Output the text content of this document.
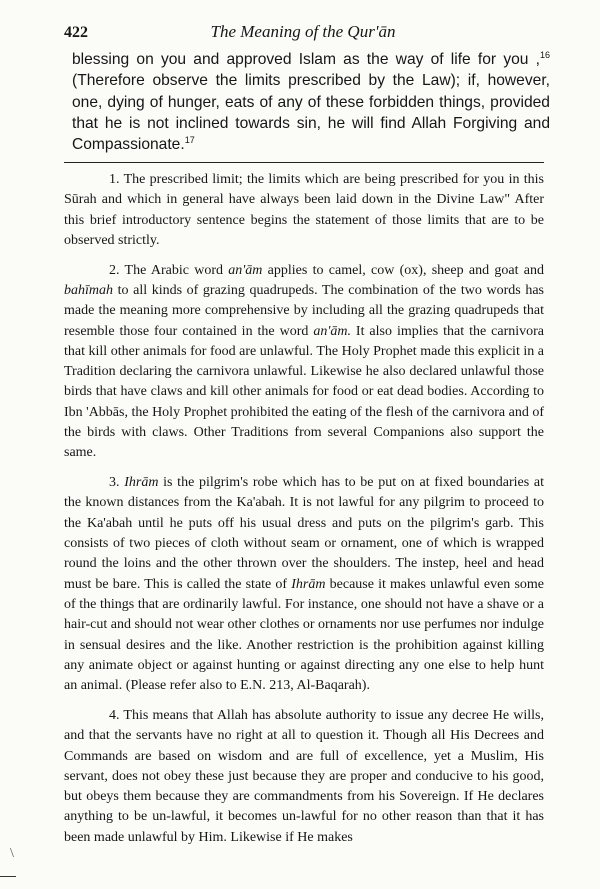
422	The Meaning of the Qur'ān

blessing on you and approved Islam as the way of life for you ,$^{16}$ (Therefore observe the limits prescribed by the Law); if, however, one, dying of hunger, eats of any of these forbidden things, provided that he is not inclined towards sin, he will find Allah Forgiving and Compassionate.$^{17}$

1. The prescribed limit; the limits which are being prescribed for you in this Sūrah and which in general have always been laid down in the Divine Law" After this brief introductory sentence begins the statement of those limits that are to be observed strictly.

2. The Arabic word an'ām applies to camel, cow (ox), sheep and goat and bahīmah to all kinds of grazing quadrupeds. The combination of the two words has made the meaning more comprehensive by including all the grazing quadrupeds that resemble those four contained in the word an'ām. It also implies that the carnivora that kill other animals for food are unlawful. The Holy Prophet made this explicit in a Tradition declaring the carnivora unlawful. Likewise he also declared unlawful those birds that have claws and kill other animals for food or eat dead bodies. According to Ibn 'Abbās, the Holy Prophet prohibited the eating of the flesh of the carnivora and of the birds with claws. Other Traditions from several Companions also support the same.

3. Ihrām is the pilgrim's robe which has to be put on at fixed boundaries at the known distances from the Ka'abah. It is not lawful for any pilgrim to proceed to the Ka'abah until he puts off his usual dress and puts on the pilgrim's garb. This consists of two pieces of cloth without seam or ornament, one of which is wrapped round the loins and the other thrown over the shoulders. The instep, heel and head must be bare. This is called the state of Ihrām because it makes unlawful even some of the things that are ordinarily lawful. For instance, one should not have a shave or a hair-cut and should not wear other clothes or ornaments nor use perfumes nor indulge in sensual desires and the like. Another restriction is the prohibition against killing any animate object or against hunting or against directing any one else to help hunt an animal. (Please refer also to E.N. 213, Al-Baqarah).

4. This means that Allah has absolute authority to issue any decree He wills, and that the servants have no right at all to question it. Though all His Decrees and Commands are based on wisdom and are full of excellence, yet a Muslim, His servant, does not obey these just because they are proper and conducive to his good, but obeys them because they are commandments from his Sovereign. If He declares anything to be un-lawful, it becomes un-lawful for no other reason than that it has been made unlawful by Him. Likewise if He makes

\
